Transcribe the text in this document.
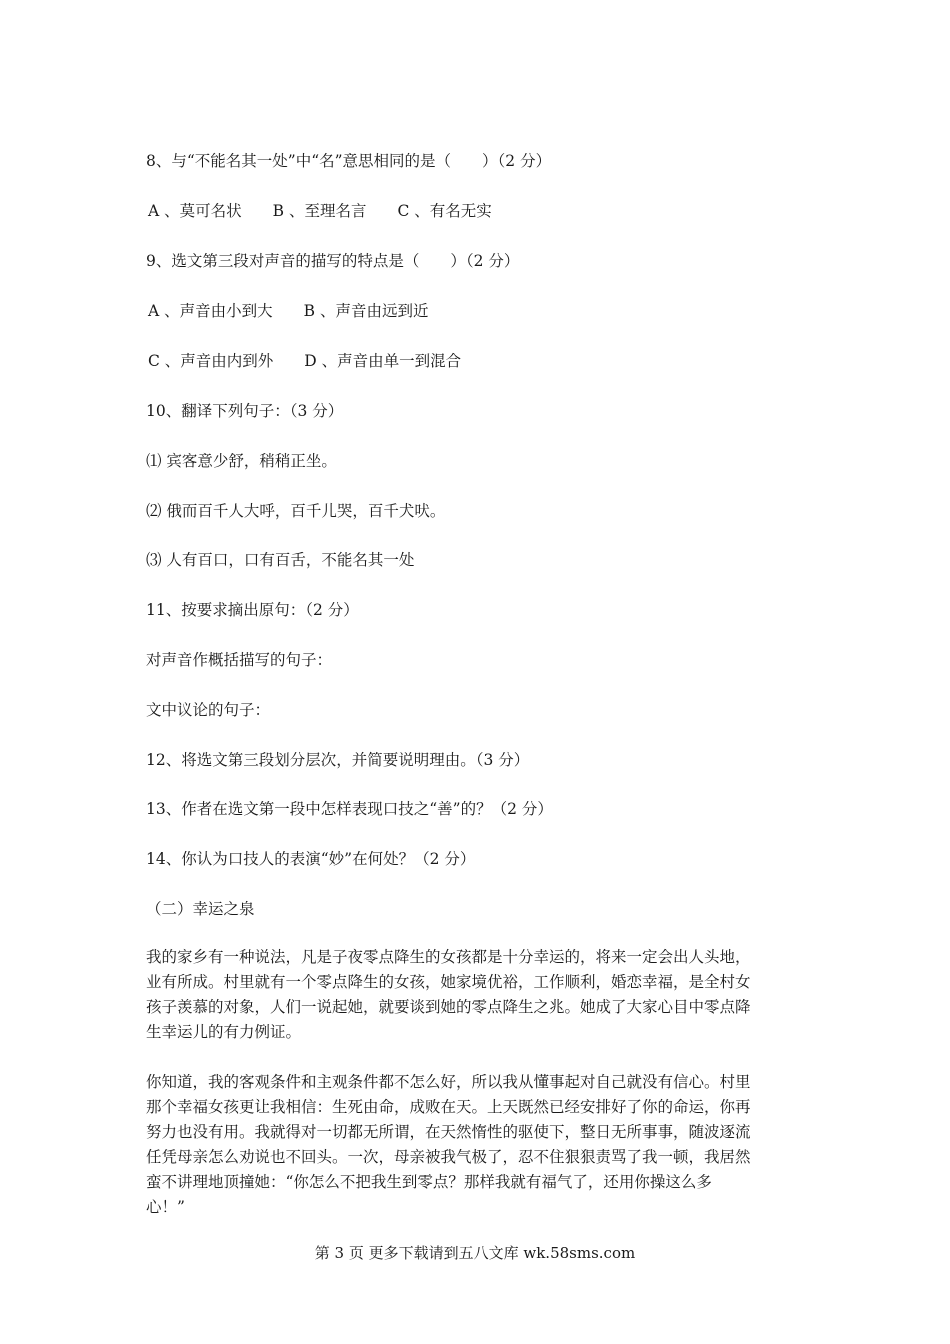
8、与“不能名其一处”中“名”意思相同的是（　　）（2 分）
A 、莫可名状　　B 、至理名言　　C 、有名无实
9、选文第三段对声音的描写的特点是（　　）（2 分）
A 、声音由小到大　　B 、声音由远到近
C 、声音由内到外　　D 、声音由单一到混合
10、翻译下列句子：（3 分）
⑴ 宾客意少舒，稍稍正坐。
⑵ 俄而百千人大呼，百千儿哭，百千犬吠。
⑶ 人有百口，口有百舌，不能名其一处
11、按要求摘出原句：（2 分）
对声音作概括描写的句子：
文中议论的句子：
12、将选文第三段划分层次，并简要说明理由。（3 分）
13、作者在选文第一段中怎样表现口技之“善”的？（2 分）
14、你认为口技人的表演“妙”在何处？（2 分）
（二）幸运之泉
我的家乡有一种说法，凡是子夜零点降生的女孩都是十分幸运的，将来一定会出人头地，
业有所成。村里就有一个零点降生的女孩，她家境优裕，工作顺利，婚恋幸福，是全村女
孩子羡慕的对象，人们一说起她，就要谈到她的零点降生之兆。她成了大家心目中零点降
生幸运儿的有力例证。
你知道，我的客观条件和主观条件都不怎么好，所以我从懂事起对自己就没有信心。村里
那个幸福女孩更让我相信：生死由命，成败在天。上天既然已经安排好了你的命运，你再
努力也没有用。我就得对一切都无所谓，在天然惰性的驱使下，整日无所事事，随波逐流
任凭母亲怎么劝说也不回头。一次，母亲被我气极了，忍不住狠狠责骂了我一顿，我居然
蛮不讲理地顶撞她：“你怎么不把我生到零点？那样我就有福气了，还用你操这么多
心！”
第 3 页 更多下载请到五八文库 wk.58sms.com
